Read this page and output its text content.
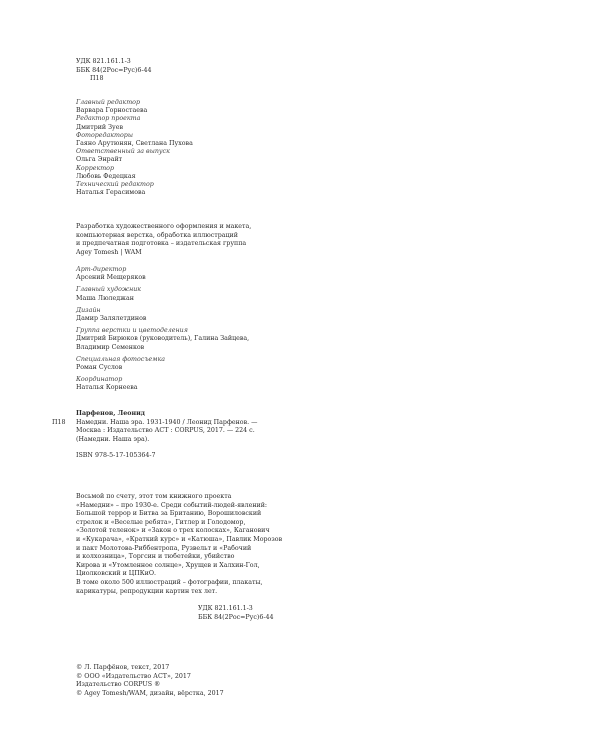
УДК 821.161.1-3
ББК 84(2Рос=Рус)6-44
П18
Главный редактор
Варвара Горностаева
Редактор проекта
Дмитрий Зуев
Фоторедакторы
Гаяно Арутюнян, Светлана Пухова
Ответственный за выпуск
Ольга Энрайт
Корректор
Любовь Федецкая
Технический редактор
Наталья Герасимова
Разработка художественного оформления и макета,
компьютерная верстка, обработка иллюстраций
и предпечатная подготовка – издательская группа
Agey Tomesh | WAM
Арт-директор
Арсений Мещеряков
Главный художник
Маша Люледжан
Дизайн
Дамир Залялетдинов
Группа верстки и цветоделения
Дмитрий Бирюков (руководитель), Галина Зайцева,
Владимир Семенков
Специальная фотосъемка
Роман Суслов
Координатор
Наталья Корнеева
Парфенов, Леонид
Намедни. Наша эра. 1931-1940 / Леонид Парфенов. —
Москва : Издательство АСТ : CORPUS, 2017. — 224 с.
(Намедни. Наша эра).
ISBN 978-5-17-105364-7
П18
Восьмой по счету, этот том книжного проекта
«Намедни» – про 1930-е. Среди событий-людей-явлений:
Большой террор и Битва за Британию, Ворошиловский
стрелок и «Веселые ребята», Гитлер и Голодомор,
«Золотой теленок» и «Закон о трех колосках», Каганович
и «Кукарача», «Краткий курс» и «Катюша», Павлик Морозов
и пакт Молотова-Риббентропа, Рузвельт и «Рабочий
и колхозница», Торгсин и тюбетейки, убийство
Кирова и «Утомленное солнце», Хрущев и Халхин-Гол,
Циолковский и ЦПКиО.
В томе около 500 иллюстраций – фотографии, плакаты,
карикатуры, репродукции картин тех лет.
УДК 821.161.1-3
ББК 84(2Рос=Рус)6-44
© Л. Парфёнов, текст, 2017
© ООО «Издательство АСТ», 2017
Издательство CORPUS ®
© Agey Tomesh/WAM, дизайн, вёрстка, 2017
